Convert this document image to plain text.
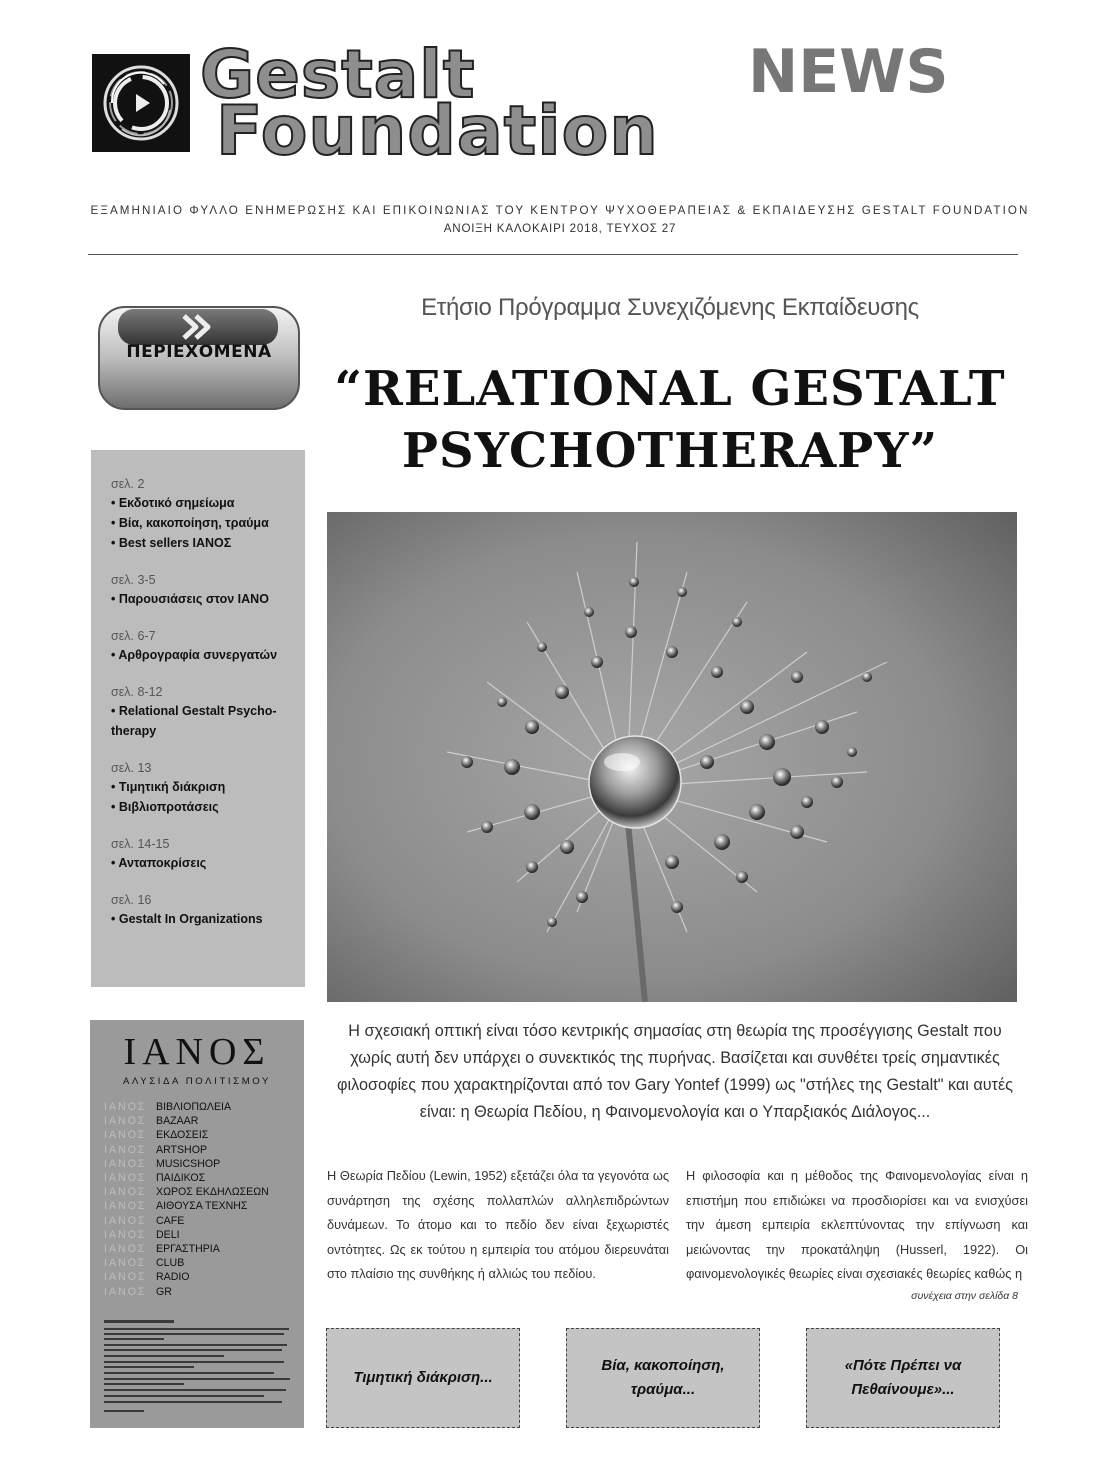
Gestalt
Foundation
NEWS
ΕΞΑΜΗΝΙΑΙΟ ΦΥΛΛΟ ΕΝΗΜΕΡΩΣΗΣ ΚΑΙ ΕΠΙΚΟΙΝΩΝΙΑΣ ΤΟΥ ΚΕΝΤΡΟΥ ΨΥΧΟΘΕΡΑΠΕΙΑΣ & ΕΚΠΑΙΔΕΥΣΗΣ GESTALT FOUNDATION
ΑΝΟΙΞΗ ΚΑΛΟΚΑΙΡΙ 2018, ΤΕΥΧΟΣ 27
ΠΕΡΙΕΧΟΜΕΝΑ
σελ. 2
• Εκδοτικό σημείωμα
• Βία, κακοποίηση, τραύμα
• Best sellers ΙΑΝΟΣ
σελ. 3-5
• Παρουσιάσεις στον ΙΑΝΟ
σελ. 6-7
• Αρθρογραφία συνεργατών
σελ. 8-12
• Relational Gestalt Psycho-
therapy
σελ. 13
• Τιμητική διάκριση
• Βιβλιοπροτάσεις
σελ. 14-15
• Ανταποκρίσεις
σελ. 16
• Gestalt In Organizations
Ετήσιο Πρόγραμμα Συνεχιζόμενης Εκπαίδευσης
“RELATIONAL GESTALT
PSYCHOTHERAPY”
Η σχεσιακή οπτική είναι τόσο κεντρικής σημασίας στη θεωρία της προσέγγισης Gestalt που χωρίς αυτή δεν υπάρχει ο συνεκτικός της πυρήνας. Βασίζεται και συνθέτει τρείς σημαντικές φιλοσοφίες που χαρακτηρίζονται από τον Gary Yontef (1999) ως "στήλες της Gestalt" και αυτές είναι: η Θεωρία Πεδίου, η Φαινομενολογία και ο Υπαρξιακός Διάλογος...
Η Θεωρία Πεδίου (Lewin, 1952) εξετάζει όλα τα γεγονότα ως συνάρτηση της σχέσης πολλαπλών αλληλεπιδρώντων δυνάμεων. Το άτομο και το πεδίο δεν είναι ξεχωριστές οντότητες. Ως εκ τούτου η εμπειρία του ατόμου διερευνάται στο πλαίσιο της συνθήκης ή αλλιώς του πεδίου.
Η φιλοσοφία και η μέθοδος της Φαινομενολογίας είναι η επιστήμη που επιδιώκει να προσδιορίσει και να ενισχύσει την άμεση εμπειρία εκλεπτύνοντας την επίγνωση και μειώνοντας την προκατάληψη (Husserl, 1922). Οι φαινομενολογικές θεωρίες είναι σχεσιακές θεωρίες καθώς η
συνέχεια στην σελίδα 8
Τιμητική διάκριση...
Βία, κακοποίηση, τραύμα...
«Πότε Πρέπει να Πεθαίνουμε»...
ΙΑΝΟΣ
ΑΛΥΣΙΔΑ ΠΟΛΙΤΙΣΜΟΥ
ΙΑΝΟΣ ΒΙΒΛΙΟΠΩΛΕΙΑ
ΙΑΝΟΣ BAZAAR
ΙΑΝΟΣ ΕΚΔΟΣΕΙΣ
ΙΑΝΟΣ ARTSHOP
ΙΑΝΟΣ MUSICSHOP
ΙΑΝΟΣ ΠΑΙΔΙΚΟΣ
ΙΑΝΟΣ ΧΩΡΟΣ ΕΚΔΗΛΩΣΕΩΝ
ΙΑΝΟΣ ΑΙΘΟΥΣΑ ΤΕΧΝΗΣ
ΙΑΝΟΣ CAFE
ΙΑΝΟΣ DELI
ΙΑΝΟΣ ΕΡΓΑΣΤΗΡΙΑ
ΙΑΝΟΣ CLUB
ΙΑΝΟΣ RADIO
ΙΑΝΟΣ GR
